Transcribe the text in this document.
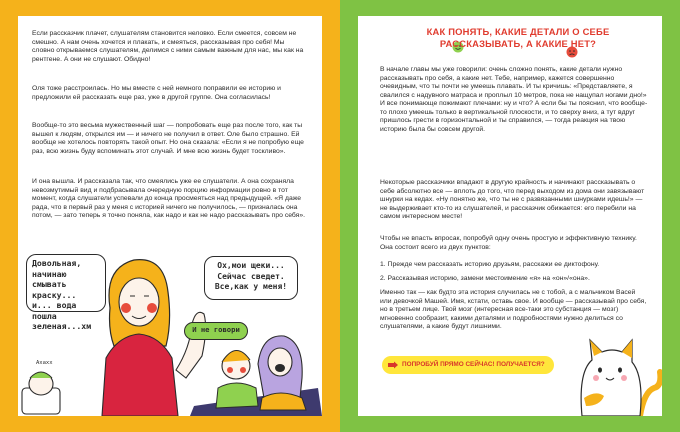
Если рассказчик плачет, слушателям становится неловко. Если смеется, совсем не смешно. А нам очень хочется и плакать, и смеяться, рассказывая про себя! Мы словно открываемся слушателям, делимся с ними самым важным для нас, мы как на рентгене. А они не слушают. Обидно!

Оля тоже расстроилась. Но мы вместе с ней немного поправили ее историю и предложили ей рассказать еще раз, уже в другой группе. Она согласилась!

Вообще-то это весьма мужественный шаг — попробовать еще раз после того, как ты вышел к людям, открылся им — и ничего не получил в ответ. Оле было страшно. Ей вообще не хотелось повторять такой опыт. Но она сказала: «Если я не попробую еще раз, всю жизнь буду вспоминать этот случай. И мне всю жизнь будет тоскливо».

И она вышла. И рассказала так, что смеялись уже ее слушатели. А она сохраняла невозмутимый вид и подбрасывала очередную порцию информации ровно в тот момент, когда слушатели успевали до конца просмеяться над предыдущей. «Я даже рада, что в первый раз у меня с историей ничего не получилось, — призналась она потом, — зато теперь я точно поняла, как надо и как не надо рассказывать про себя».

Довольная, начинаю смывать краску... и... вода пошла зеленая...хм
Ох,мои щеки... Сейчас сведет. Все,как у меня!
И не говори
Ахахх
КАК ПОНЯТЬ, КАКИЕ ДЕТАЛИ О СЕБЕ РАССКАЗЫВАТЬ, А КАКИЕ НЕТ?

В начале главы мы уже говорили: очень сложно понять, какие детали нужно рассказывать про себя, а какие нет. Тебе, например, кажется совершенно очевидным, что ты почти не умеешь плавать. И ты кричишь: «Представляете, я свалился с надувного матраса и проплыл 10 метров, пока не нащупал ногами дно!» И все понимающе пожимают плечами: ну и что? А если бы ты пояснил, что вообще-то плохо умеешь только в вертикальной плоскости, и то сверху вниз, а тут вдруг пришлось грести в горизонтальной и ты справился, — тогда реакция на твою историю была бы совсем другой.

Некоторые рассказчики впадают в другую крайность и начинают рассказывать о себе абсолютно все — вплоть до того, что перед выходом из дома они завязывают шнурки на кедах. «Ну понятно же, что ты не с развязанными шнурками идешь!» — не выдерживает кто-то из слушателей, и рассказчик обижается: его перебили на самом интересном месте!

Чтобы не впасть впросак, попробуй одну очень простую и эффективную технику. Она состоит всего из двух пунктов:

1. Прежде чем рассказать историю друзьям, расскажи ее диктофону.

2. Рассказывая историю, замени местоимение «я» на «он»/«она».

Именно так — как будто эта история случилась не с тобой, а с мальчиком Васей или девочкой Машей. Имя, кстати, оставь свое. И вообще — рассказывай про себя, но в третьем лице. Твой мозг (интересная все-таки это субстанция — мозг) мгновенно сообразит, какими деталями и подробностями нужно делиться со слушателями, а какие будут лишними.

ПОПРОБУЙ ПРЯМО СЕЙЧАС! ПОЛУЧАЕТСЯ?
